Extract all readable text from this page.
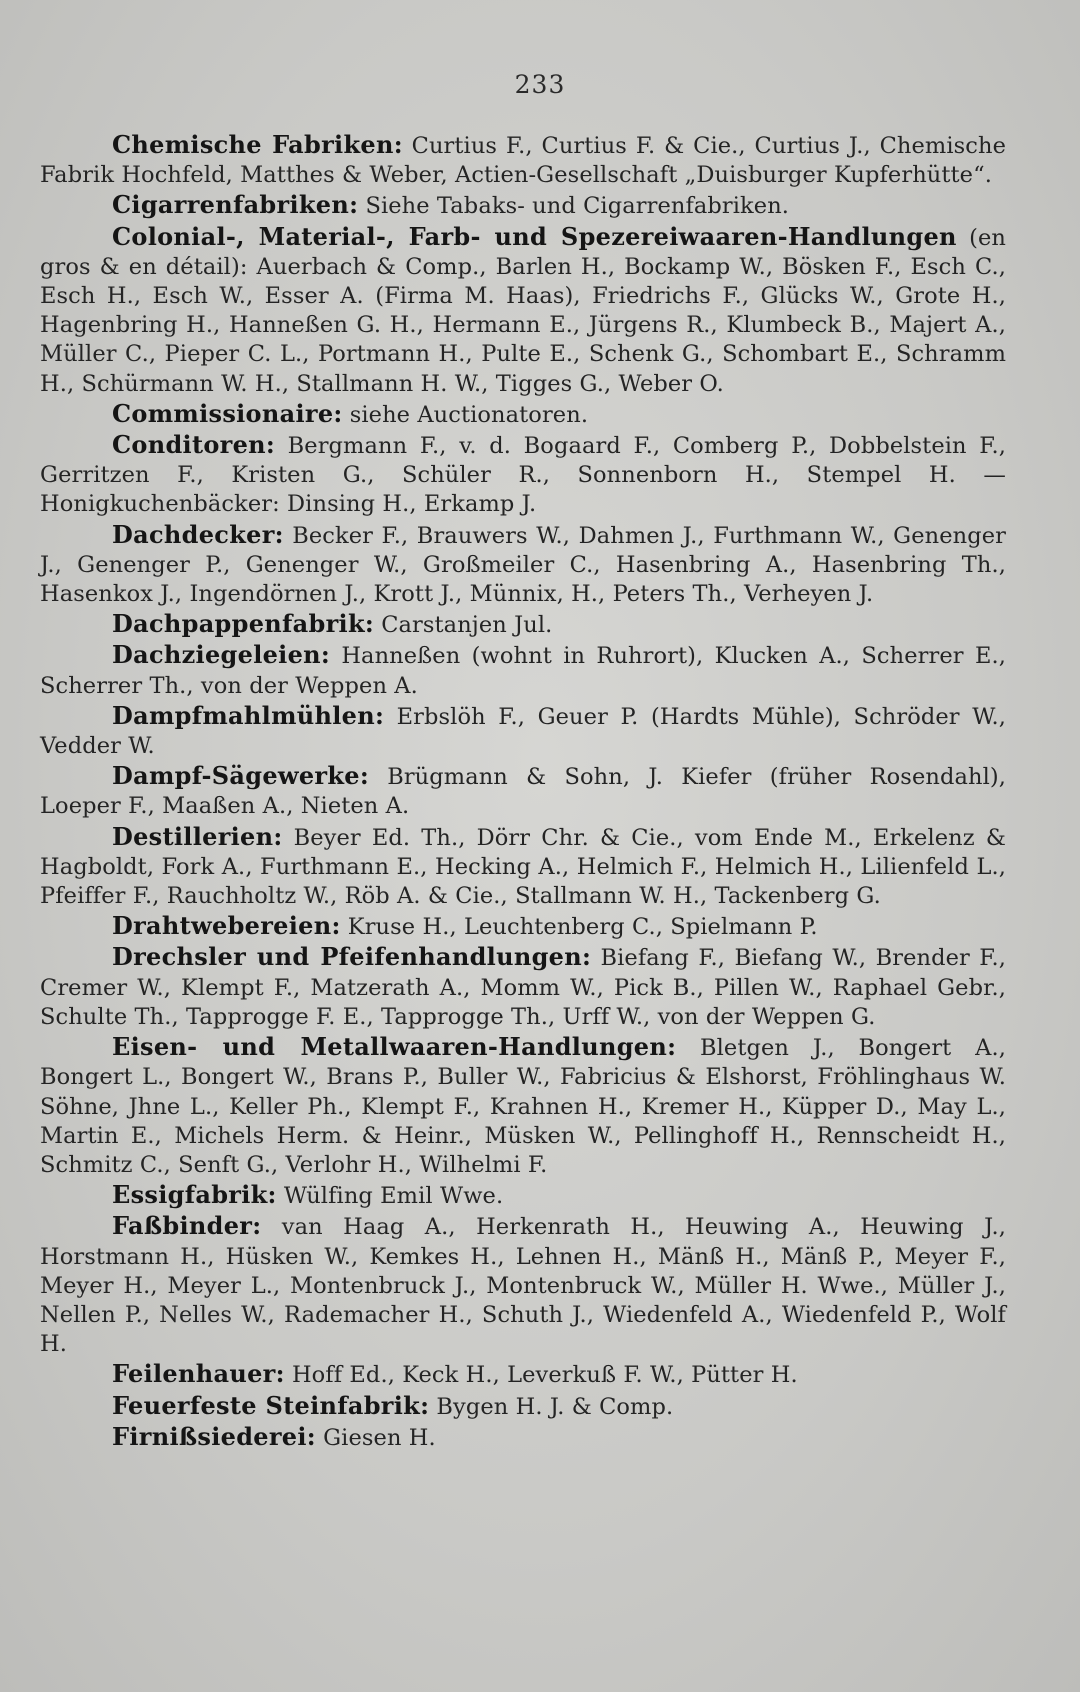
233

Chemische Fabriken: Curtius F., Curtius F. & Cie., Curtius J., Chemische Fabrik Hochfeld, Matthes & Weber, Actien-Gesellschaft „Duisburger Kupferhütte“.

Cigarrenfabriken: Siehe Tabaks- und Cigarrenfabriken.

Colonial-, Material-, Farb- und Spezereiwaaren-Handlungen (en gros & en détail): Auerbach & Comp., Barlen H., Bockamp W., Bösken F., Esch C., Esch H., Esch W., Esser A. (Firma M. Haas), Friedrichs F., Glücks W., Grote H., Hagenbring H., Hanneßen G. H., Hermann E., Jürgens R., Klumbeck B., Majert A., Müller C., Pieper C. L., Portmann H., Pulte E., Schenk G., Schombart E., Schramm H., Schürmann W. H., Stallmann H. W., Tigges G., Weber O.

Commissionaire: siehe Auctionatoren.

Conditoren: Bergmann F., v. d. Bogaard F., Comberg P., Dobbelstein F., Gerritzen F., Kristen G., Schüler R., Sonnenborn H., Stempel H. — Honigkuchenbäcker: Dinsing H., Erkamp J.

Dachdecker: Becker F., Brauwers W., Dahmen J., Furthmann W., Genenger J., Genenger P., Genenger W., Großmeiler C., Hasenbring A., Hasenbring Th., Hasenkox J., Ingendörnen J., Krott J., Münnix, H., Peters Th., Verheyen J.

Dachpappenfabrik: Carstanjen Jul.

Dachziegeleien: Hanneßen (wohnt in Ruhrort), Klucken A., Scherrer E., Scherrer Th., von der Weppen A.

Dampfmahlmühlen: Erbslöh F., Geuer P. (Hardts Mühle), Schröder W., Vedder W.

Dampf-Sägewerke: Brügmann & Sohn, J. Kiefer (früher Rosendahl), Loeper F., Maaßen A., Nieten A.

Destillerien: Beyer Ed. Th., Dörr Chr. & Cie., vom Ende M., Erkelenz & Hagboldt, Fork A., Furthmann E., Hecking A., Helmich F., Helmich H., Lilienfeld L., Pfeiffer F., Rauchholtz W., Röb A. & Cie., Stallmann W. H., Tackenberg G.

Drahtwebereien: Kruse H., Leuchtenberg C., Spielmann P.

Drechsler und Pfeifenhandlungen: Biefang F., Biefang W., Brender F., Cremer W., Klempt F., Matzerath A., Momm W., Pick B., Pillen W., Raphael Gebr., Schulte Th., Tapprogge F. E., Tapprogge Th., Urff W., von der Weppen G.

Eisen- und Metallwaaren-Handlungen: Bletgen J., Bongert A., Bongert L., Bongert W., Brans P., Buller W., Fabricius & Elshorst, Fröhlinghaus W. Söhne, Jhne L., Keller Ph., Klempt F., Krahnen H., Kremer H., Küpper D., May L., Martin E., Michels Herm. & Heinr., Müsken W., Pellinghoff H., Rennscheidt H., Schmitz C., Senft G., Verlohr H., Wilhelmi F.

Essigfabrik: Wülfing Emil Wwe.

Faßbinder: van Haag A., Herkenrath H., Heuwing A., Heuwing J., Horstmann H., Hüsken W., Kemkes H., Lehnen H., Mänß H., Mänß P., Meyer F., Meyer H., Meyer L., Montenbruck J., Montenbruck W., Müller H. Wwe., Müller J., Nellen P., Nelles W., Rademacher H., Schuth J., Wiedenfeld A., Wiedenfeld P., Wolf H.

Feilenhauer: Hoff Ed., Keck H., Leverkuß F. W., Pütter H.

Feuerfeste Steinfabrik: Bygen H. J. & Comp.

Firnißsiederei: Giesen H.
